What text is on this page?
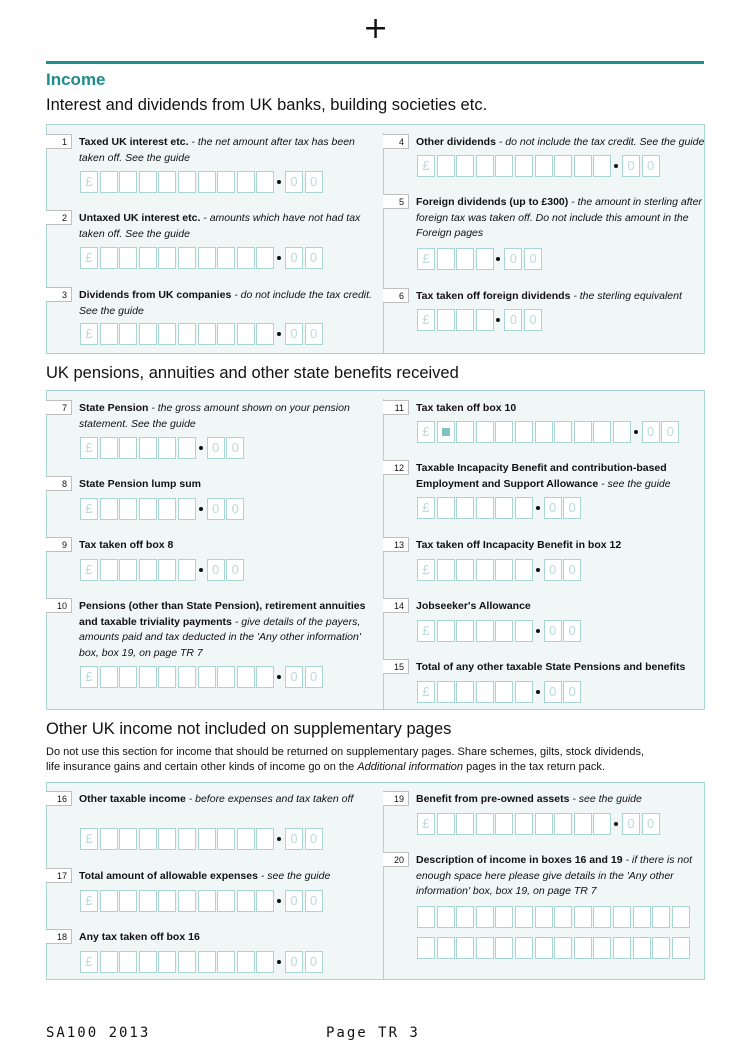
+
Income
Interest and dividends from UK banks, building societies etc.
UK pensions, annuities and other state benefits received
Other UK income not included on supplementary pages
Do not use this section for income that should be returned on supplementary pages. Share schemes, gilts, stock dividends,
life insurance gains and certain other kinds of income go on the Additional information pages in the tax return pack.
1	Taxed UK interest etc. - the net amount after tax has been taken off. See the guide
£	0 0
2	Untaxed UK interest etc. - amounts which have not had tax taken off. See the guide
£	0 0
3	Dividends from UK companies - do not include the tax credit. See the guide
£	0 0
4	Other dividends - do not include the tax credit. See the guide
£	0 0
5	Foreign dividends (up to £300) - the amount in sterling after foreign tax was taken off. Do not include this amount in the Foreign pages
£	0 0
6	Tax taken off foreign dividends - the sterling equivalent
£	0 0
7	State Pension - the gross amount shown on your pension statement. See the guide
£	0 0
8	State Pension lump sum
£	0 0
9	Tax taken off box 8
£	0 0
10	Pensions (other than State Pension), retirement annuities and taxable triviality payments - give details of the payers, amounts paid and tax deducted in the 'Any other information' box, box 19, on page TR 7
£	0 0
11	Tax taken off box 10
£	0 0
12	Taxable Incapacity Benefit and contribution-based Employment and Support Allowance - see the guide
£	0 0
13	Tax taken off Incapacity Benefit in box 12
£	0 0
14	Jobseeker's Allowance
£	0 0
15	Total of any other taxable State Pensions and benefits
£	0 0
16	Other taxable income - before expenses and tax taken off
£	0 0
17	Total amount of allowable expenses - see the guide
£	0 0
18	Any tax taken off box 16
£	0 0
19	Benefit from pre-owned assets - see the guide
£	0 0
20	Description of income in boxes 16 and 19 - if there is not enough space here please give details in the 'Any other information' box, box 19, on page TR 7
SA100 2013	Page TR 3
